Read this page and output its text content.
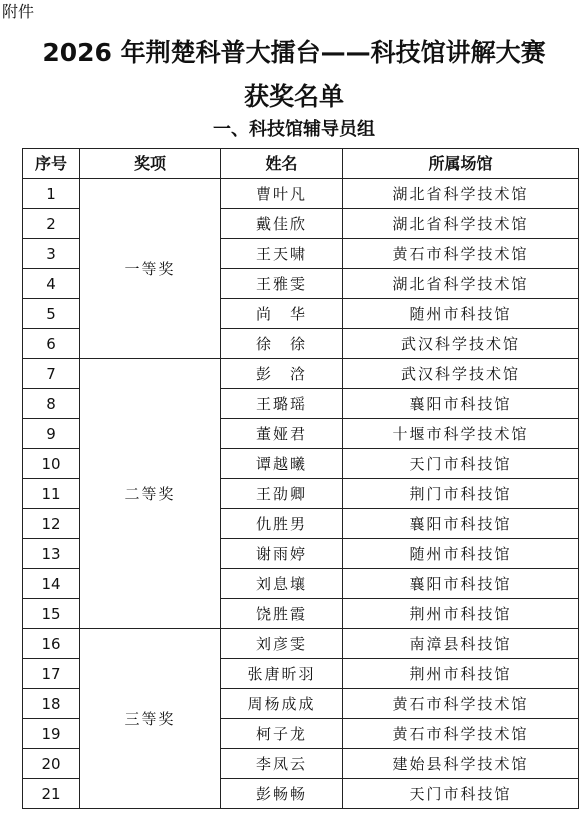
附件
2026 年荆楚科普大擂台——科技馆讲解大赛
获奖名单
一、科技馆辅导员组
序号	奖项	姓名	所属场馆
1	一等奖	曹叶凡	湖北省科学技术馆
2		戴佳欣	湖北省科学技术馆
3		王天啸	黄石市科学技术馆
4		王雅雯	湖北省科学技术馆
5		尚　华	随州市科技馆
6		徐　徐	武汉科学技术馆
7	二等奖	彭　浛	武汉科学技术馆
8		王璐瑶	襄阳市科技馆
9		董娅君	十堰市科学技术馆
10		谭越曦	天门市科技馆
11		王劭卿	荆门市科技馆
12		仇胜男	襄阳市科技馆
13		谢雨婷	随州市科技馆
14		刘息壤	襄阳市科技馆
15		饶胜霞	荆州市科技馆
16	三等奖	刘彦雯	南漳县科技馆
17		张唐昕羽	荆州市科技馆
18		周杨成成	黄石市科学技术馆
19		柯子龙	黄石市科学技术馆
20		李凤云	建始县科学技术馆
21		彭畅畅	天门市科技馆
